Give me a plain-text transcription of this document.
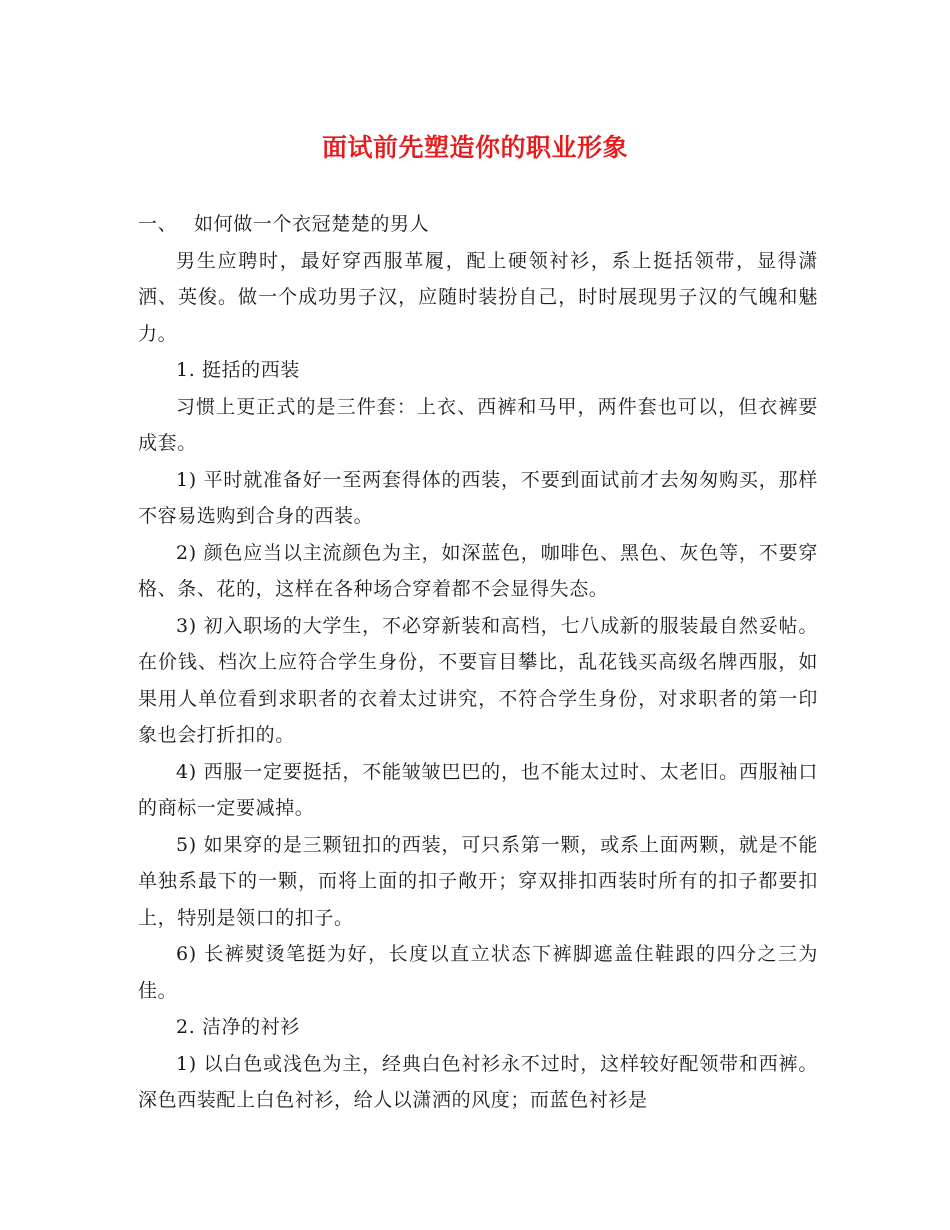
面试前先塑造你的职业形象

一、 如何做一个衣冠楚楚的男人

男生应聘时，最好穿西服革履，配上硬领衬衫，系上挺括领带，显得潇洒、英俊。做一个成功男子汉，应随时装扮自己，时时展现男子汉的气魄和魅力。

1. 挺括的西装

习惯上更正式的是三件套：上衣、西裤和马甲，两件套也可以，但衣裤要成套。

1) 平时就准备好一至两套得体的西装，不要到面试前才去匆匆购买，那样不容易选购到合身的西装。

2) 颜色应当以主流颜色为主，如深蓝色，咖啡色、黑色、灰色等，不要穿格、条、花的，这样在各种场合穿着都不会显得失态。

3) 初入职场的大学生，不必穿新装和高档，七八成新的服装最自然妥帖。在价钱、档次上应符合学生身份，不要盲目攀比，乱花钱买高级名牌西服，如果用人单位看到求职者的衣着太过讲究，不符合学生身份，对求职者的第一印象也会打折扣的。

4) 西服一定要挺括，不能皱皱巴巴的，也不能太过时、太老旧。西服袖口的商标一定要减掉。

5) 如果穿的是三颗钮扣的西装，可只系第一颗，或系上面两颗，就是不能单独系最下的一颗，而将上面的扣子敞开；穿双排扣西装时所有的扣子都要扣上，特别是领口的扣子。

6) 长裤熨烫笔挺为好，长度以直立状态下裤脚遮盖住鞋跟的四分之三为佳。

2. 洁净的衬衫

1) 以白色或浅色为主，经典白色衬衫永不过时，这样较好配领带和西裤。深色西装配上白色衬衫，给人以潇洒的风度；而蓝色衬衫是
